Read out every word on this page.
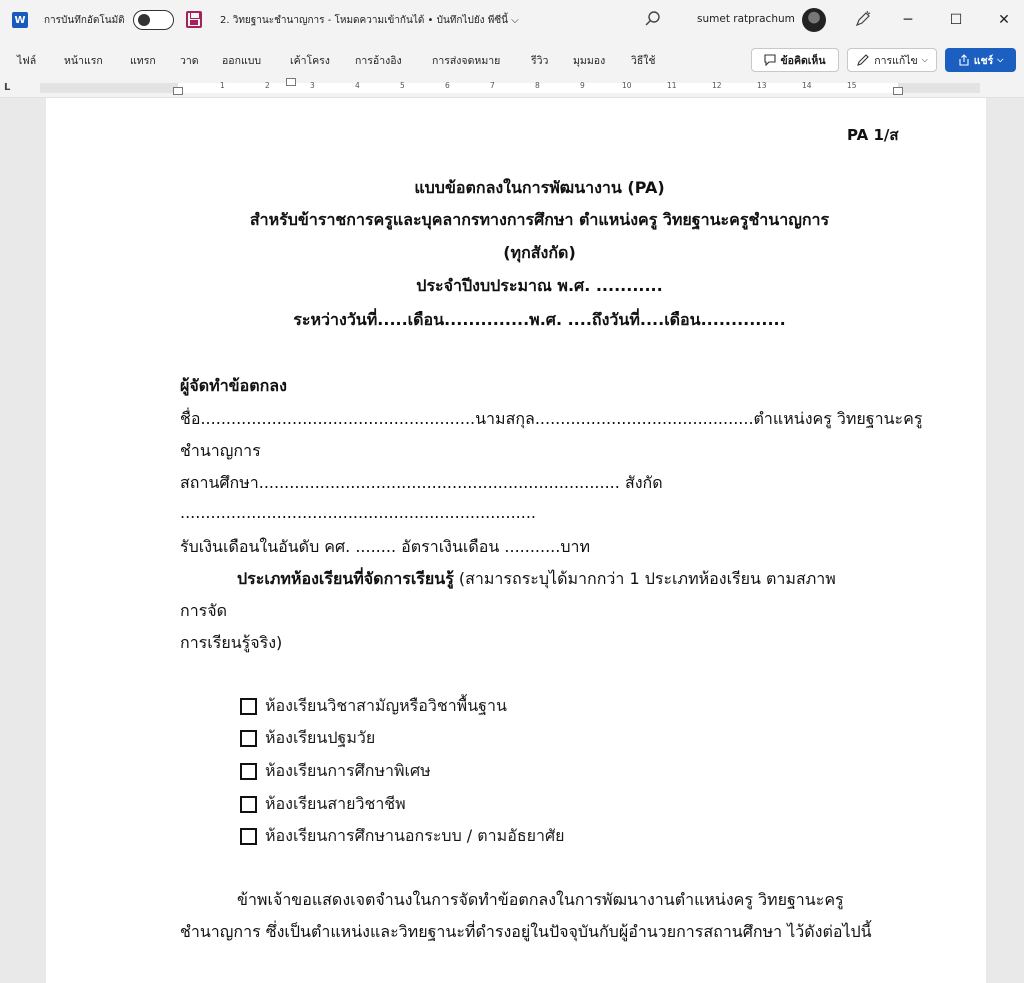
W การบันทึกอัตโนมัติ	2. วิทยฐานะชำนาญการ - โหมดความเข้ากันได้ • บันทึกไปยัง พีซีนี้ ⌵	sumet ratprachum	─	☐	✕
ไฟล์	หน้าแรก	แทรก วาด ออกแบบ	เค้าโครง การอ้างอิง	การส่งจดหมาย	รีวิว มุมมอง วิธีใช้	ข้อคิดเห็น	การแก้ไข ⌵	แชร์ ⌵
L	1	2	3	4	5	6	7	8	9	10	11	12	13	14	15
PA 1/ส
แบบข้อตกลงในการพัฒนางาน (PA)
สำหรับข้าราชการครูและบุคลากรทางการศึกษา ตำแหน่งครู วิทยฐานะครูชำนาญการ
(ทุกสังกัด)
ประจำปีงบประมาณ พ.ศ. ...........
ระหว่างวันที่.....เดือน..............พ.ศ. ....ถึงวันที่....เดือน..............
ผู้จัดทำข้อตกลง
ชื่อ......................................................นามสกุล...........................................ตำแหน่งครู วิทยฐานะครู
ชำนาญการ
สถานศึกษา....................................................................... สังกัด
......................................................................
รับเงินเดือนในอันดับ คศ. ........ อัตราเงินเดือน ...........บาท
ประเภทห้องเรียนที่จัดการเรียนรู้ (สามารถระบุได้มากกว่า 1 ประเภทห้องเรียน ตามสภาพ
การจัด
การเรียนรู้จริง)
ห้องเรียนวิชาสามัญหรือวิชาพื้นฐาน
ห้องเรียนปฐมวัย
ห้องเรียนการศึกษาพิเศษ
ห้องเรียนสายวิชาชีพ
ห้องเรียนการศึกษานอกระบบ / ตามอัธยาศัย
ข้าพเจ้าขอแสดงเจตจำนงในการจัดทำข้อตกลงในการพัฒนางานตำแหน่งครู วิทยฐานะครู
ชำนาญการ ซึ่งเป็นตำแหน่งและวิทยฐานะที่ดำรงอยู่ในปัจจุบันกับผู้อำนวยการสถานศึกษา ไว้ดังต่อไปนี้
